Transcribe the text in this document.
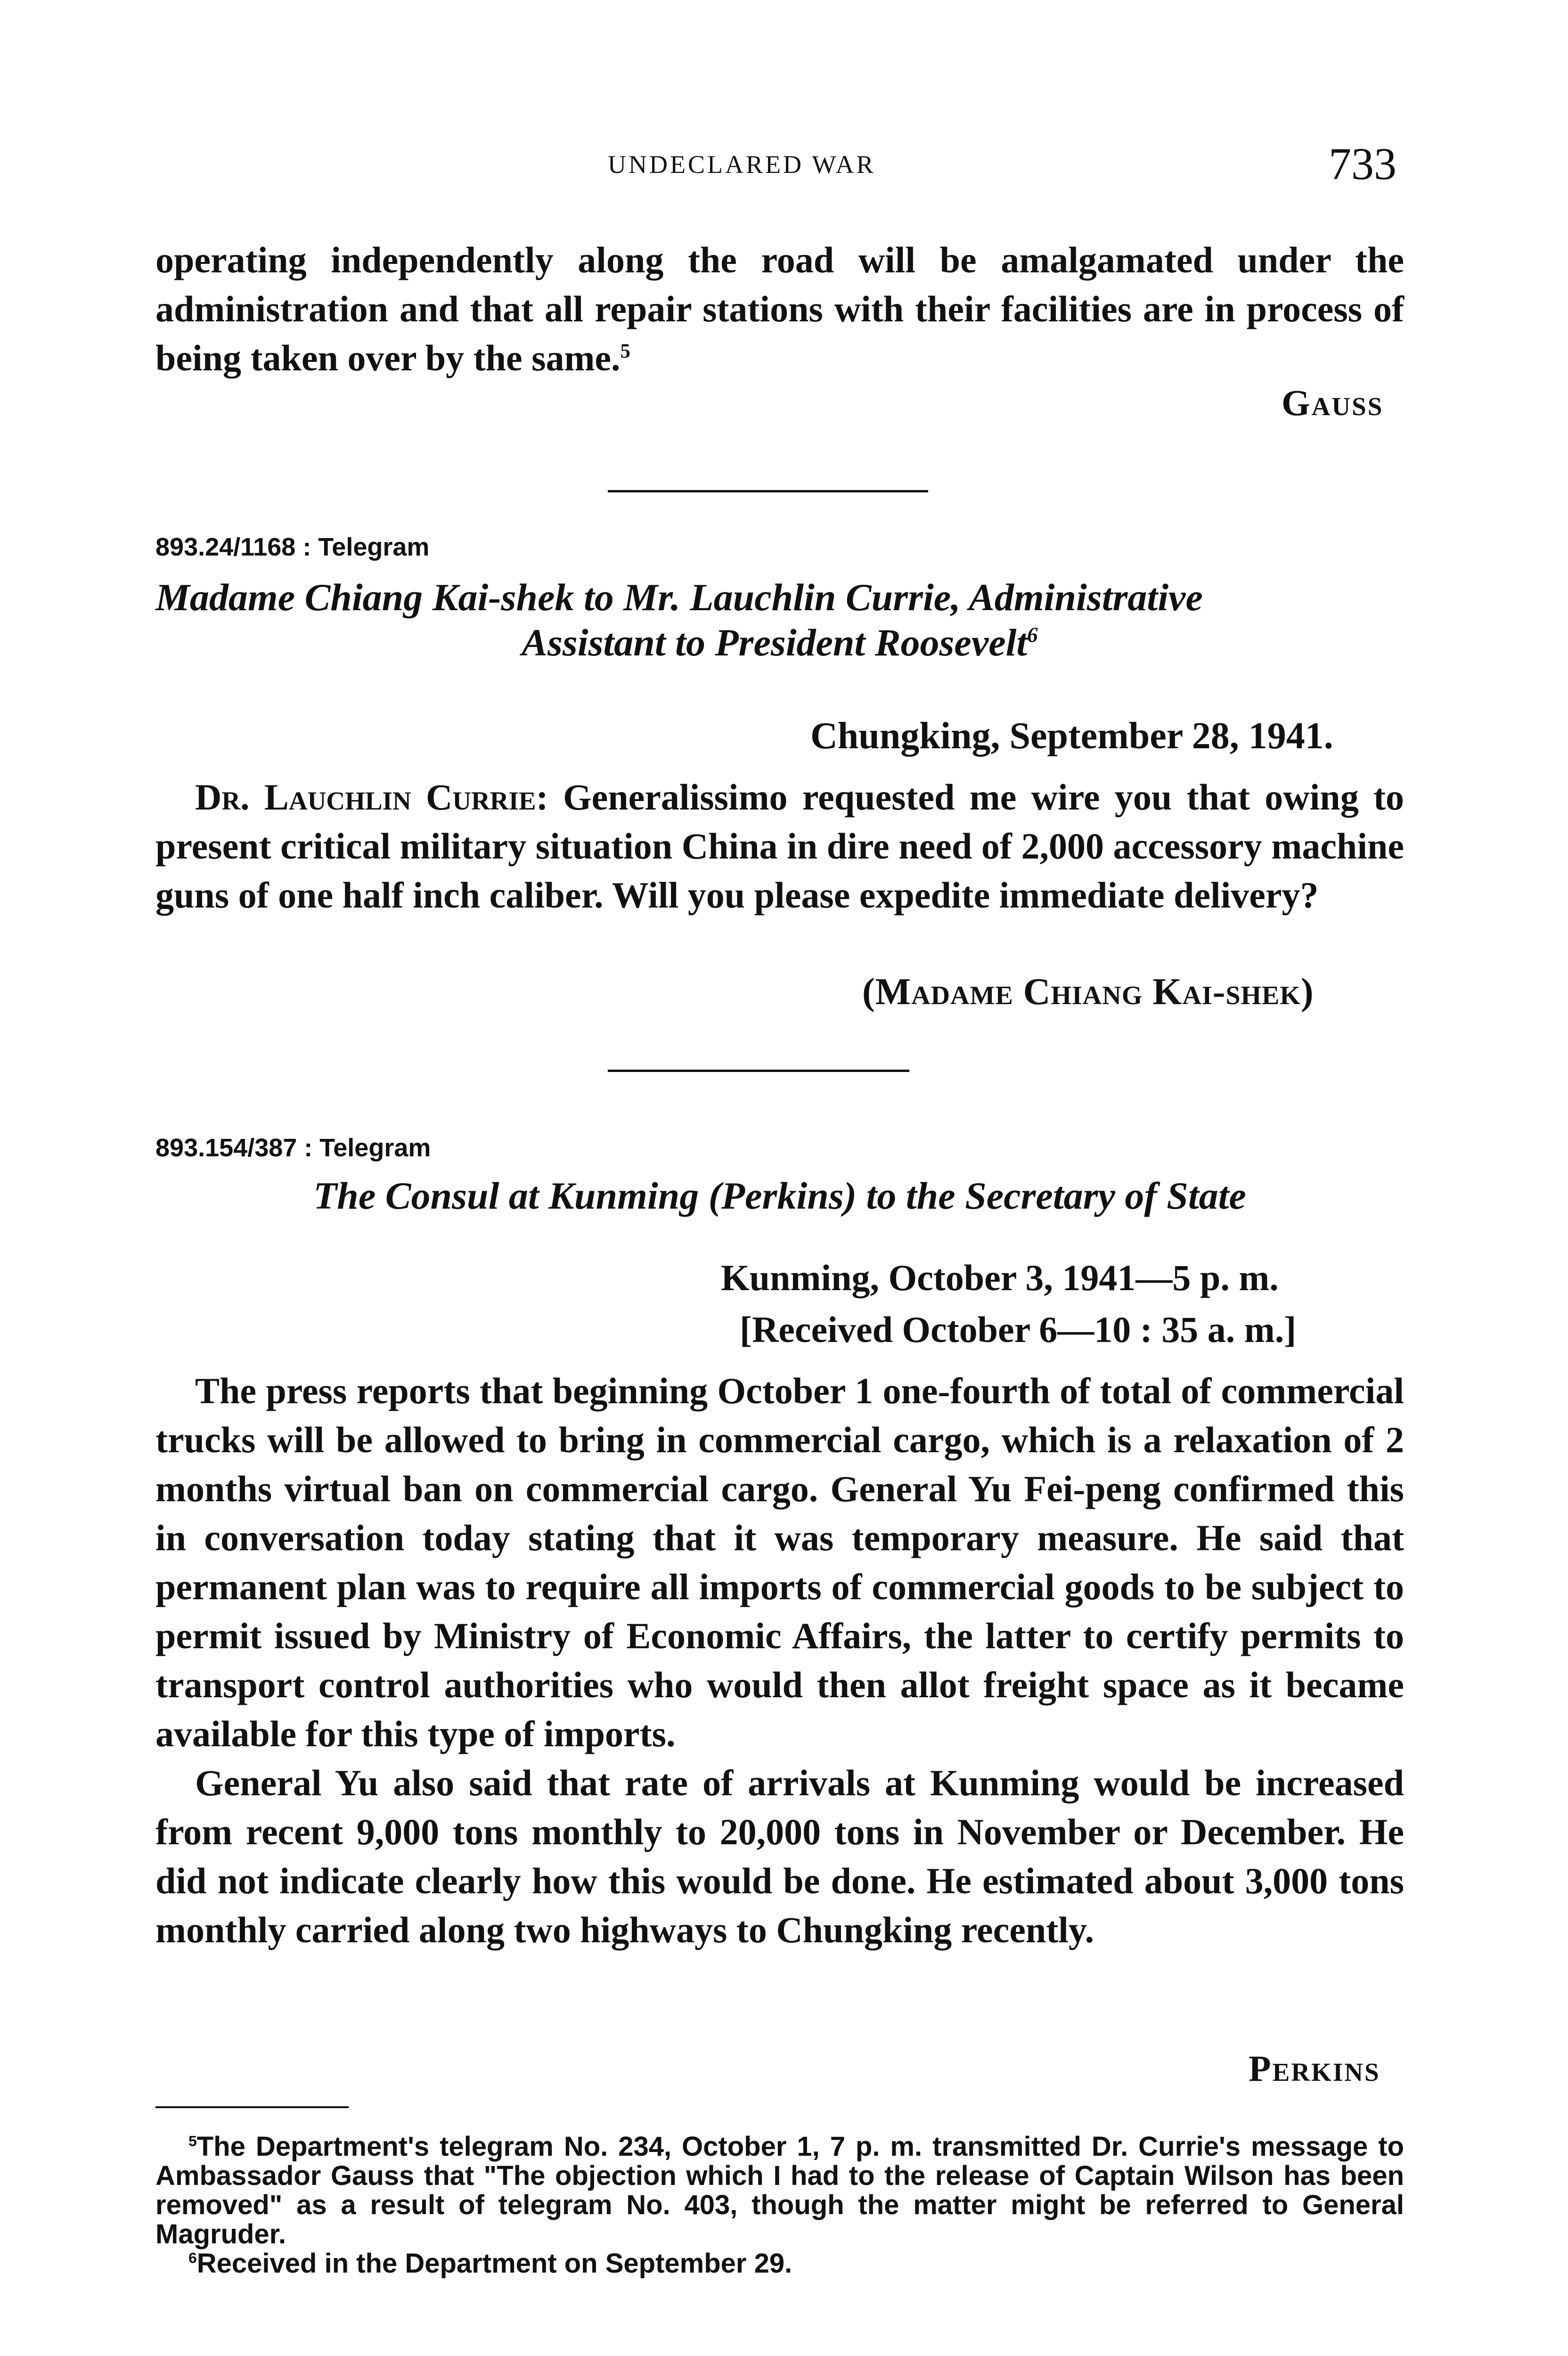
UNDECLARED WAR	733

operating independently along the road will be amalgamated under the administration and that all repair stations with their facilities are in process of being taken over by the same.$^5$

Gauss
893.24/1168 : Telegram
Madame Chiang Kai-shek to Mr. Lauchlin Currie, Administrative
Assistant to President Roosevelt$^6$
Chungking, September 28, 1941.

Dr. Lauchlin Currie: Generalissimo requested me wire you that owing to present critical military situation China in dire need of 2,000 accessory machine guns of one half inch caliber. Will you please expedite immediate delivery?

(Madame Chiang Kai-shek)
893.154/387 : Telegram
The Consul at Kunming (Perkins) to the Secretary of State
Kunming, October 3, 1941—5 p. m.
[Received October 6—10 : 35 a. m.]

The press reports that beginning October 1 one-fourth of total of commercial trucks will be allowed to bring in commercial cargo, which is a relaxation of 2 months virtual ban on commercial cargo. General Yu Fei-peng confirmed this in conversation today stating that it was temporary measure. He said that permanent plan was to require all imports of commercial goods to be subject to permit issued by Ministry of Economic Affairs, the latter to certify permits to transport control authorities who would then allot freight space as it became available for this type of imports.

General Yu also said that rate of arrivals at Kunming would be increased from recent 9,000 tons monthly to 20,000 tons in November or December. He did not indicate clearly how this would be done. He estimated about 3,000 tons monthly carried along two highways to Chungking recently.

Perkins

$^5$The Department's telegram No. 234, October 1, 7 p. m. transmitted Dr. Currie's message to Ambassador Gauss that "The objection which I had to the release of Captain Wilson has been removed" as a result of telegram No. 403, though the matter might be referred to General Magruder.

$^6$Received in the Department on September 29.
